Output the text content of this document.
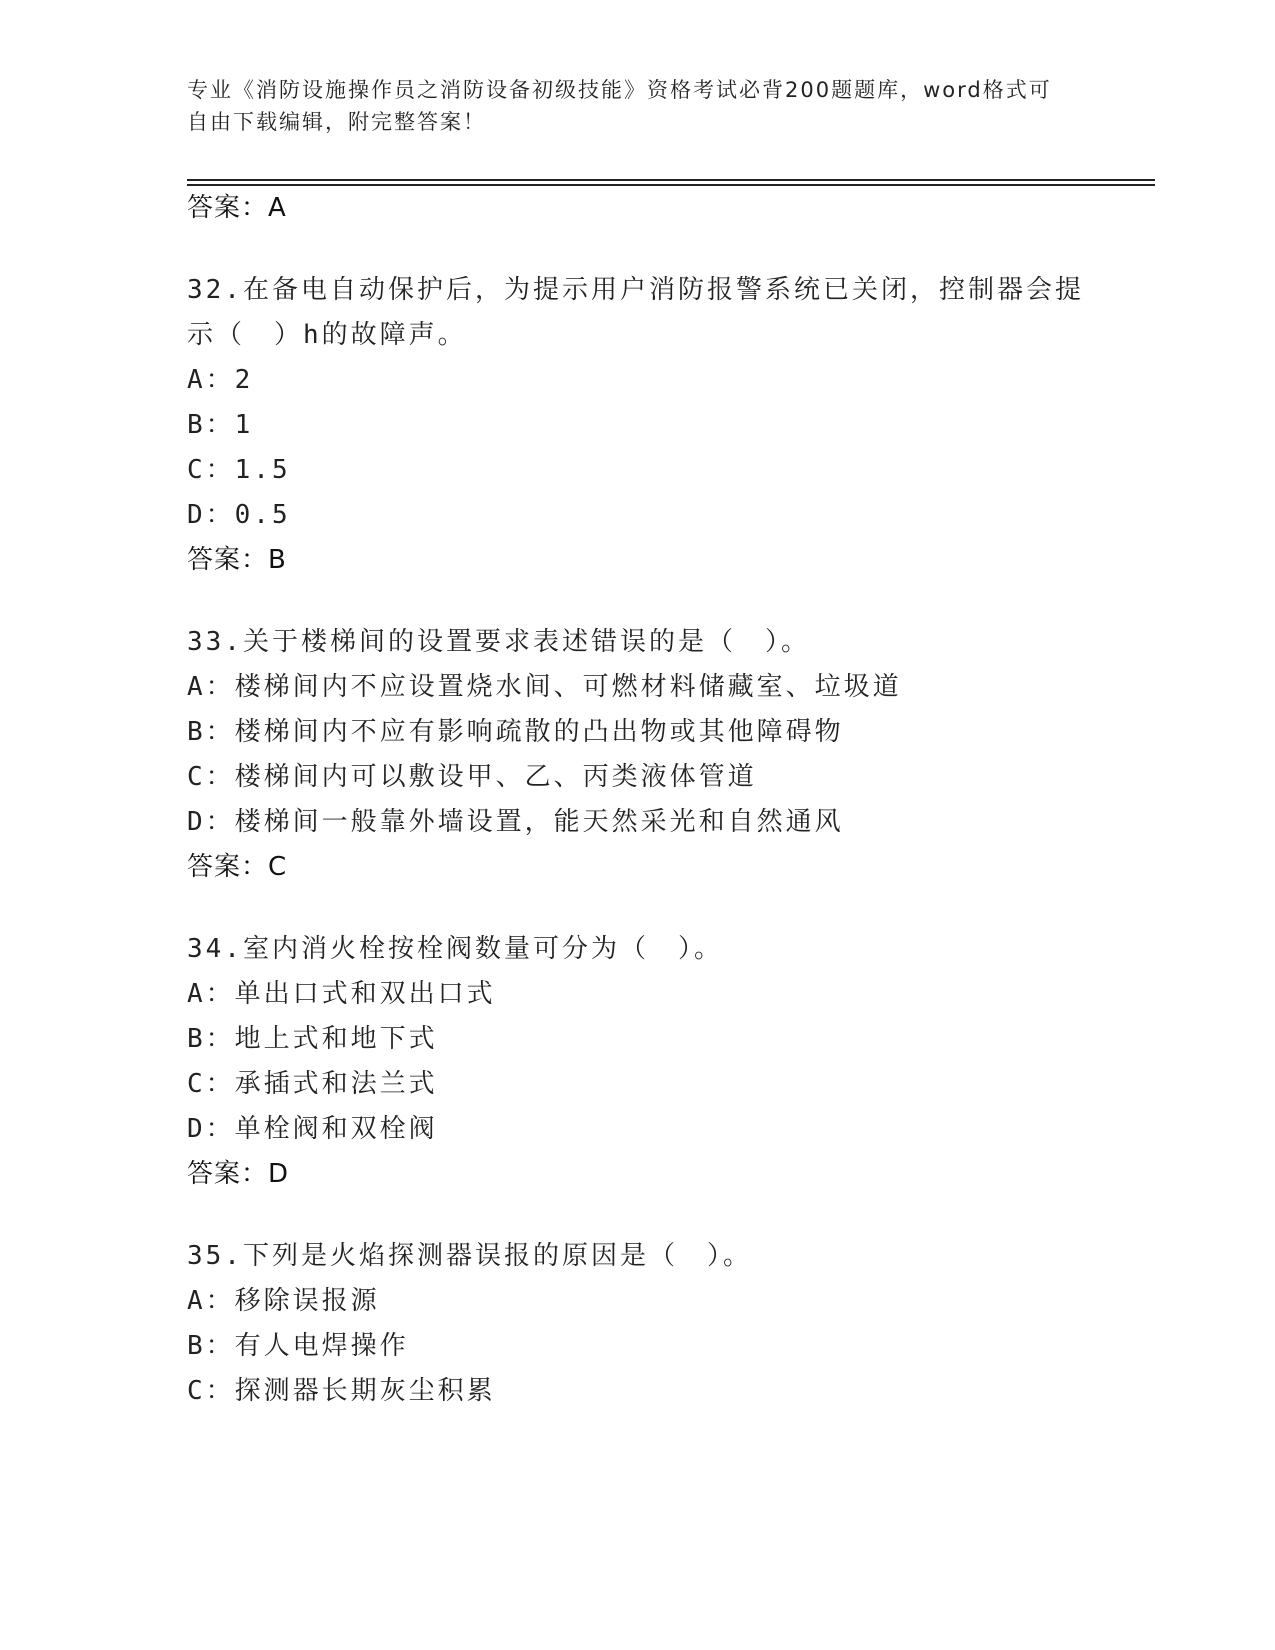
专业《消防设施操作员之消防设备初级技能》资格考试必背200题题库，word格式可自由下载编辑，附完整答案！
答案：A
32.在备电自动保护后，为提示用户消防报警系统已关闭，控制器会提示（　）h的故障声。
A：2
B：1
C：1.5
D：0.5
答案：B
33.关于楼梯间的设置要求表述错误的是（　）。
A：楼梯间内不应设置烧水间、可燃材料储藏室、垃圾道
B：楼梯间内不应有影响疏散的凸出物或其他障碍物
C：楼梯间内可以敷设甲、乙、丙类液体管道
D：楼梯间一般靠外墙设置，能天然采光和自然通风
答案：C
34.室内消火栓按栓阀数量可分为（　）。
A：单出口式和双出口式
B：地上式和地下式
C：承插式和法兰式
D：单栓阀和双栓阀
答案：D
35.下列是火焰探测器误报的原因是（　）。
A：移除误报源
B：有人电焊操作
C：探测器长期灰尘积累
